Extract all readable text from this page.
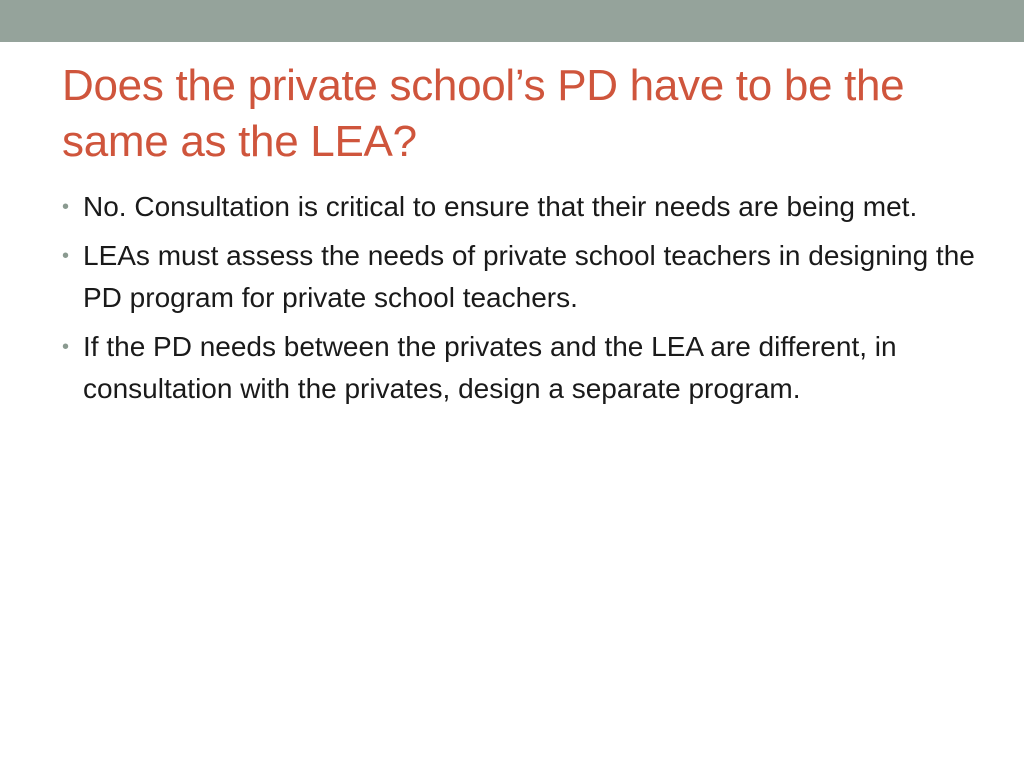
Does the private school’s PD have to be the same as the LEA?
• No. Consultation is critical to ensure that their needs are being met.
• LEAs must assess the needs of private school teachers in designing the PD program for private school teachers.
• If the PD needs between the privates and the LEA are different, in consultation with the privates, design a separate program.
